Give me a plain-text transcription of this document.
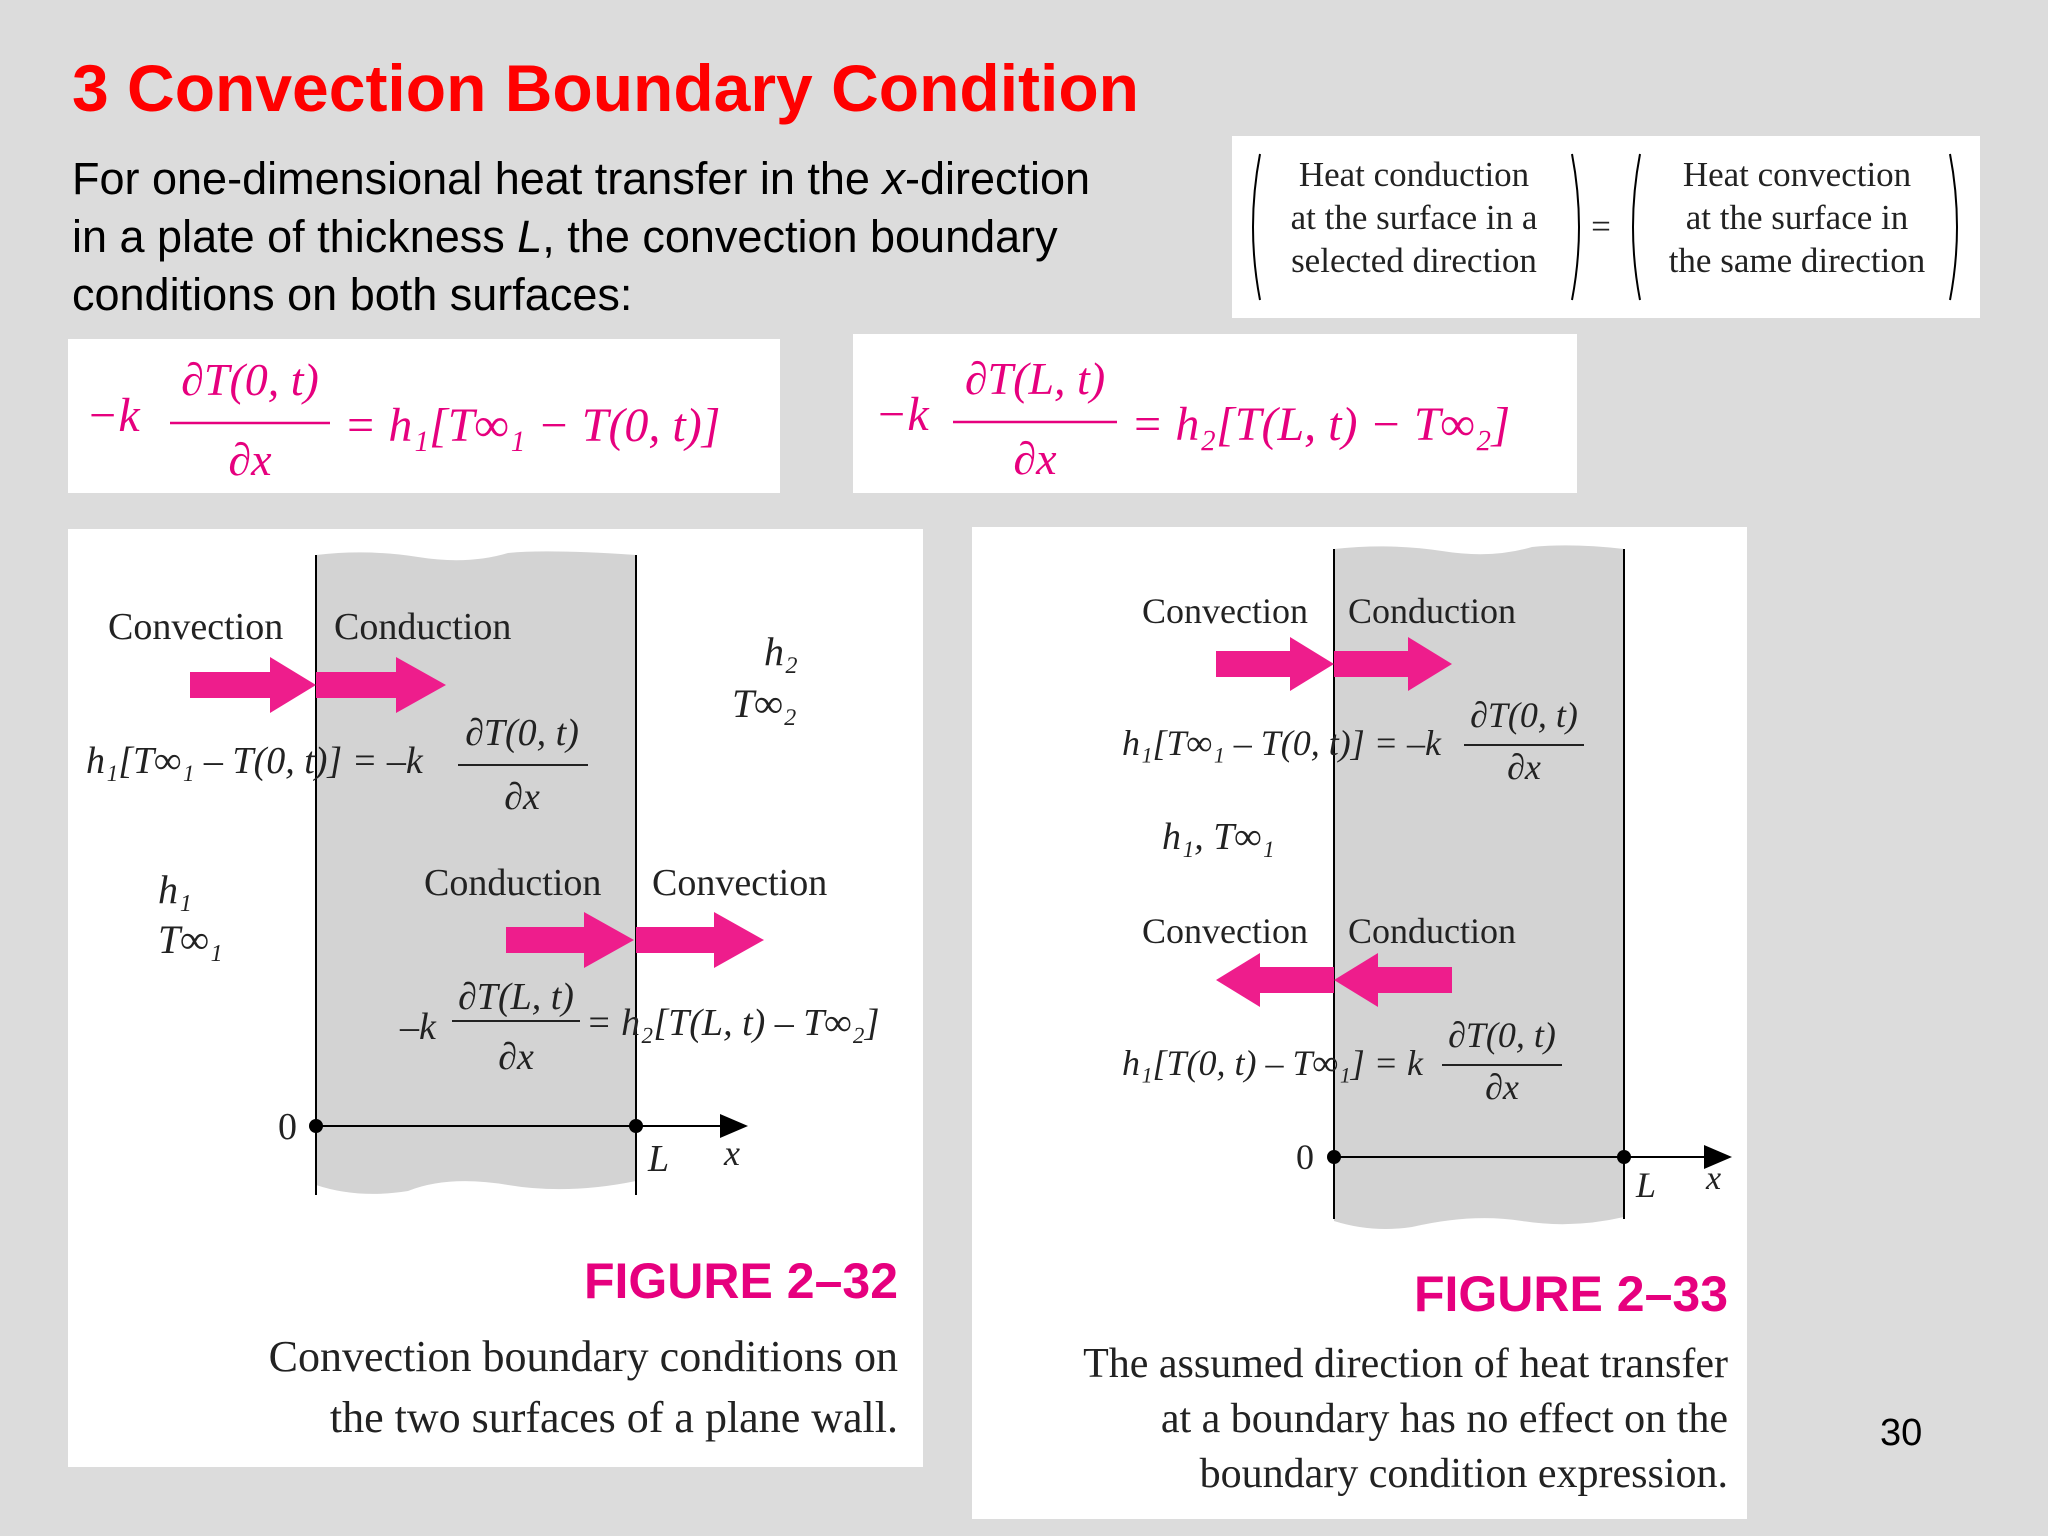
3 Convection Boundary Condition

For one-dimensional heat transfer in the x-direction

in a plate of thickness L, the convection boundary

conditions on both surfaces:

Heat conduction
at the surface in a
selected direction
=
Heat convection
at the surface in
the same direction
−k
∂T(0, t)
∂x
= h₁[T∞₁ − T(0, t)]	−k
∂T(L, t)
∂x
= h₂[T(L, t) − T∞₂]
Convection Conduction
h₂
T∞₂
h₁[T∞₁ – T(0, t)] = –k
∂T(0, t)
∂x
h₁
T∞₁
Conduction Convection
–k
∂T(L, t)
∂x
= h₂[T(L, t) – T∞₂]
0
L x
FIGURE 2–32
Convection boundary conditions on
the two surfaces of a plane wall.
Convection Conduction
h₁[T∞₁ – T(0, t)] = –k
∂T(0, t)
∂x
h₁, T∞₁
Convection Conduction
h₁[T(0, t) – T∞₁] = k
∂T(0, t)
∂x
0
L x
FIGURE 2–33
The assumed direction of heat transfer
at a boundary has no effect on the
boundary condition expression.
30
